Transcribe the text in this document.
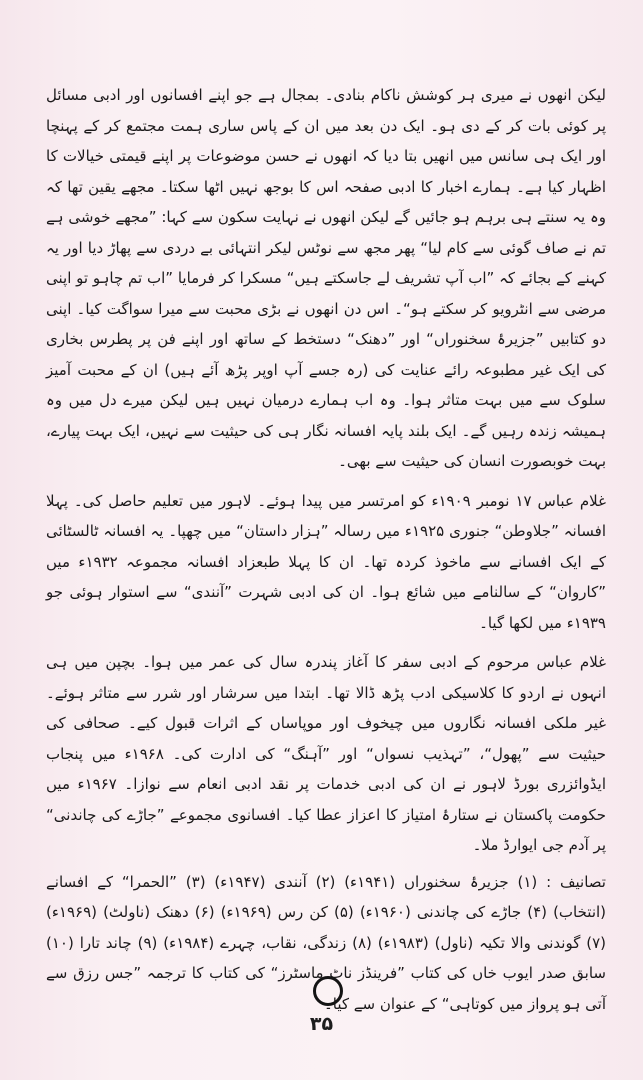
لیکن انھوں نے میری ہر کوشش ناکام بنادی۔ بمجال ہے جو اپنے افسانوں اور ادبی مسائل پر کوئی بات کر کے دی ہو۔ ایک دن بعد میں ان کے پاس ساری ہمت مجتمع کر کے پہنچا اور ایک ہی سانس میں انھیں بتا دیا کہ انھوں نے حسن موضوعات پر اپنے قیمتی خیالات کا اظہار کیا ہے۔ ہمارے اخبار کا ادبی صفحہ اس کا بوجھ نہیں اٹھا سکتا۔ مجھے یقین تھا کہ وہ یہ سنتے ہی برہم ہو جائیں گے لیکن انھوں نے نہایت سکون سے کہا: ”مجھے خوشی ہے تم نے صاف گوئی سے کام لیا“ پھر مجھ سے نوٹس لیکر انتہائی بے دردی سے پھاڑ دیا اور یہ کہنے کے بجائے کہ ”اب آپ تشریف لے جاسکتے ہیں“ مسکرا کر فرمایا ”اب تم چاہو تو اپنی مرضی سے انٹرویو کر سکتے ہو“۔ اس دن انھوں نے بڑی محبت سے میرا سواگت کیا۔ اپنی دو کتابیں ”جزیرۂ سخنوراں“ اور ”دھنک“ دستخط کے ساتھ اور اپنے فن پر پطرس بخاری کی ایک غیر مطبوعہ رائے عنایت کی (رہ جسے آپ اوپر پڑھ آئے ہیں) ان کے محبت آمیز سلوک سے میں بہت متاثر ہوا۔ وہ اب ہمارے درمیان نہیں ہیں لیکن میرے دل میں وہ ہمیشہ زندہ رہیں گے۔ ایک بلند پایہ افسانہ نگار ہی کی حیثیت سے نہیں، ایک بہت پیارے، بہت خوبصورت انسان کی حیثیت سے بھی۔

غلام عباس ۱۷ نومبر ۱۹۰۹ء کو امرتسر میں پیدا ہوئے۔ لاہور میں تعلیم حاصل کی۔ پہلا افسانہ ”جلاوطن“ جنوری ۱۹۲۵ء میں رسالہ ”ہزار داستان“ میں چھپا۔ یہ افسانہ ٹالسٹائی کے ایک افسانے سے ماخوذ کردہ تھا۔ ان کا پہلا طبعزاد افسانہ مجموعہ ۱۹۳۲ء میں ”کاروان“ کے سالنامے میں شائع ہوا۔ ان کی ادبی شہرت ”آنندی“ سے استوار ہوئی جو ۱۹۳۹ء میں لکھا گیا۔

غلام عباس مرحوم کے ادبی سفر کا آغاز پندرہ سال کی عمر میں ہوا۔ بچپن میں ہی انہوں نے اردو کا کلاسیکی ادب پڑھ ڈالا تھا۔ ابتدا میں سرشار اور شرر سے متاثر ہوئے۔ غیر ملکی افسانہ نگاروں میں چیخوف اور موپاساں کے اثرات قبول کیے۔ صحافی کی حیثیت سے ”پھول“، ”تہذیب نسواں“ اور ”آہنگ“ کی ادارت کی۔ ۱۹۶۸ء میں پنجاب ایڈوائزری بورڈ لاہور نے ان کی ادبی خدمات پر نقد ادبی انعام سے نوازا۔ ۱۹۶۷ء میں حکومت پاکستان نے ستارۂ امتیاز کا اعزاز عطا کیا۔ افسانوی مجموعے ”جاڑے کی چاندنی“ پر آدم جی ایوارڈ ملا۔

تصانیف : (۱) جزیرۂ سخنوراں (۱۹۴۱ء) (۲) آنندی (۱۹۴۷ء) (۳) ”الحمرا“ کے افسانے (انتخاب) (۴) جاڑے کی چاندنی (۱۹۶۰ء) (۵) کن رس (۱۹۶۹ء) (۶) دھنک (ناولٹ) (۱۹۶۹ء) (۷) گوندنی والا تکیہ (ناول) (۱۹۸۳ء) (۸) زندگی، نقاب، چہرے (۱۹۸۴ء) (۹) چاند تارا (۱۰) سابق صدر ایوب خاں کی کتاب ”فرینڈز ناٹ ماسٹرز“ کی کتاب کا ترجمہ ”جس رزق سے آتی ہو پرواز میں کوتاہی“ کے عنوان سے کیا۔

۳۵
